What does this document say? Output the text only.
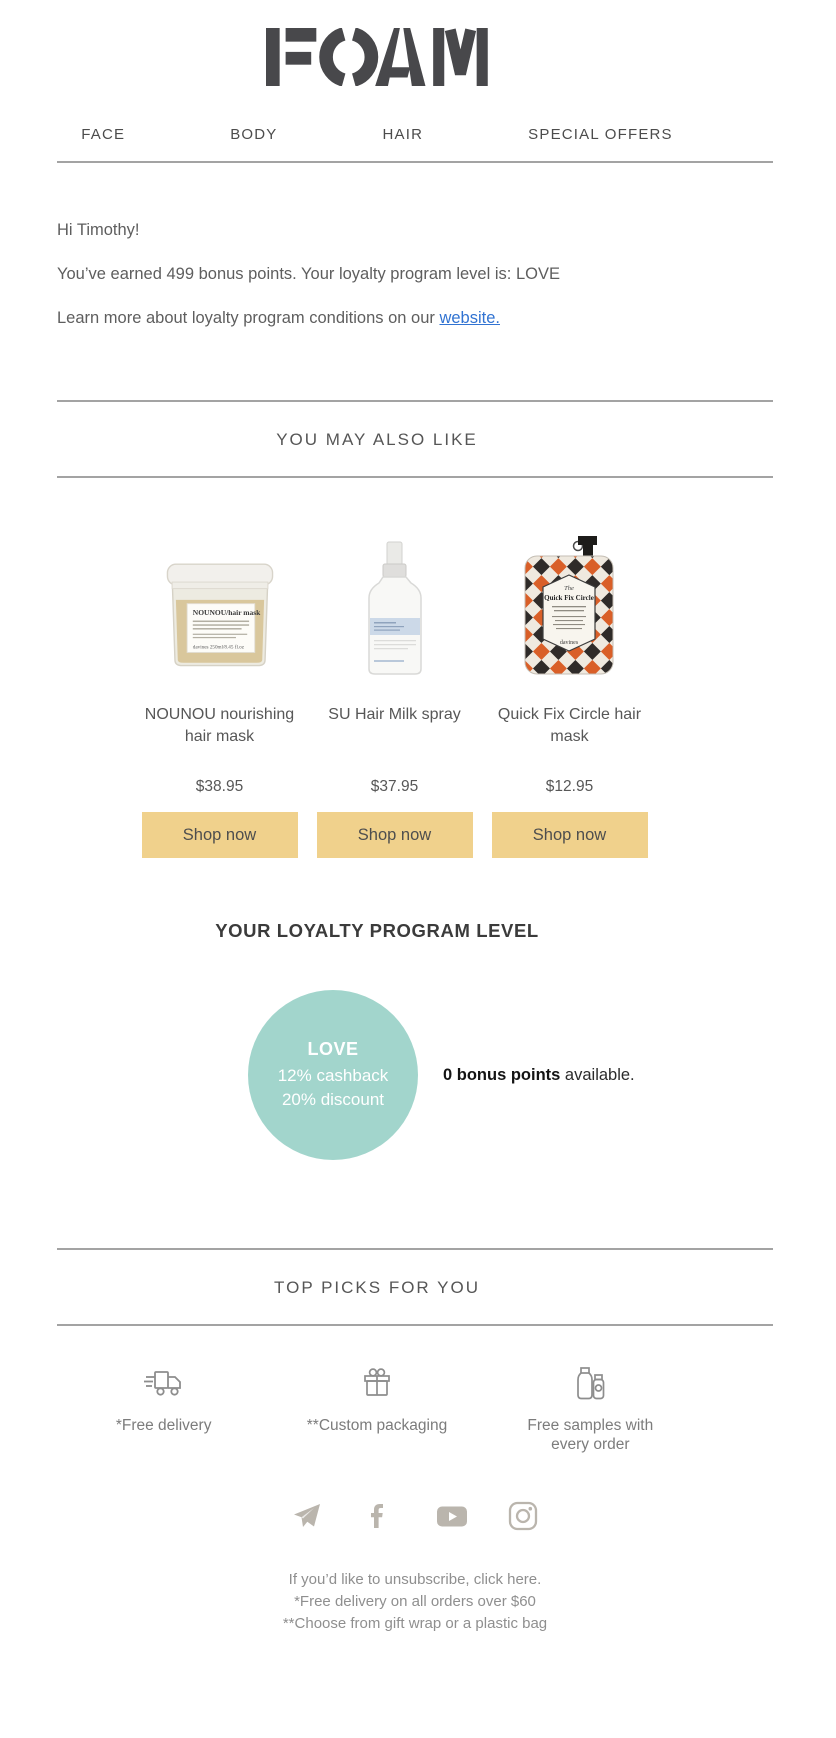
FACE	BODY	HAIR	SPECIAL OFFERS

Hi Timothy!

You’ve earned 499 bonus points. Your loyalty program level is: LOVE

Learn more about loyalty program conditions on our website.

YOU MAY ALSO LIKE
NOUNOU/hair mask
davines 250ml/8.45 fl.oz
NOUNOU nourishing hair mask
$38.95
Shop now
SU Hair Milk spray
$37.95
Shop now
The
Quick Fix Circle
davines
Quick Fix Circle hair mask
$12.95
Shop now
YOUR LOYALTY PROGRAM LEVEL
LOVE
12% cashback
20% discount
0 bonus points available.
TOP PICKS FOR YOU
*Free delivery	**Custom packaging	Free samples with every order
If you’d like to unsubscribe, click here.
*Free delivery on all orders over $60
**Choose from gift wrap or a plastic bag
